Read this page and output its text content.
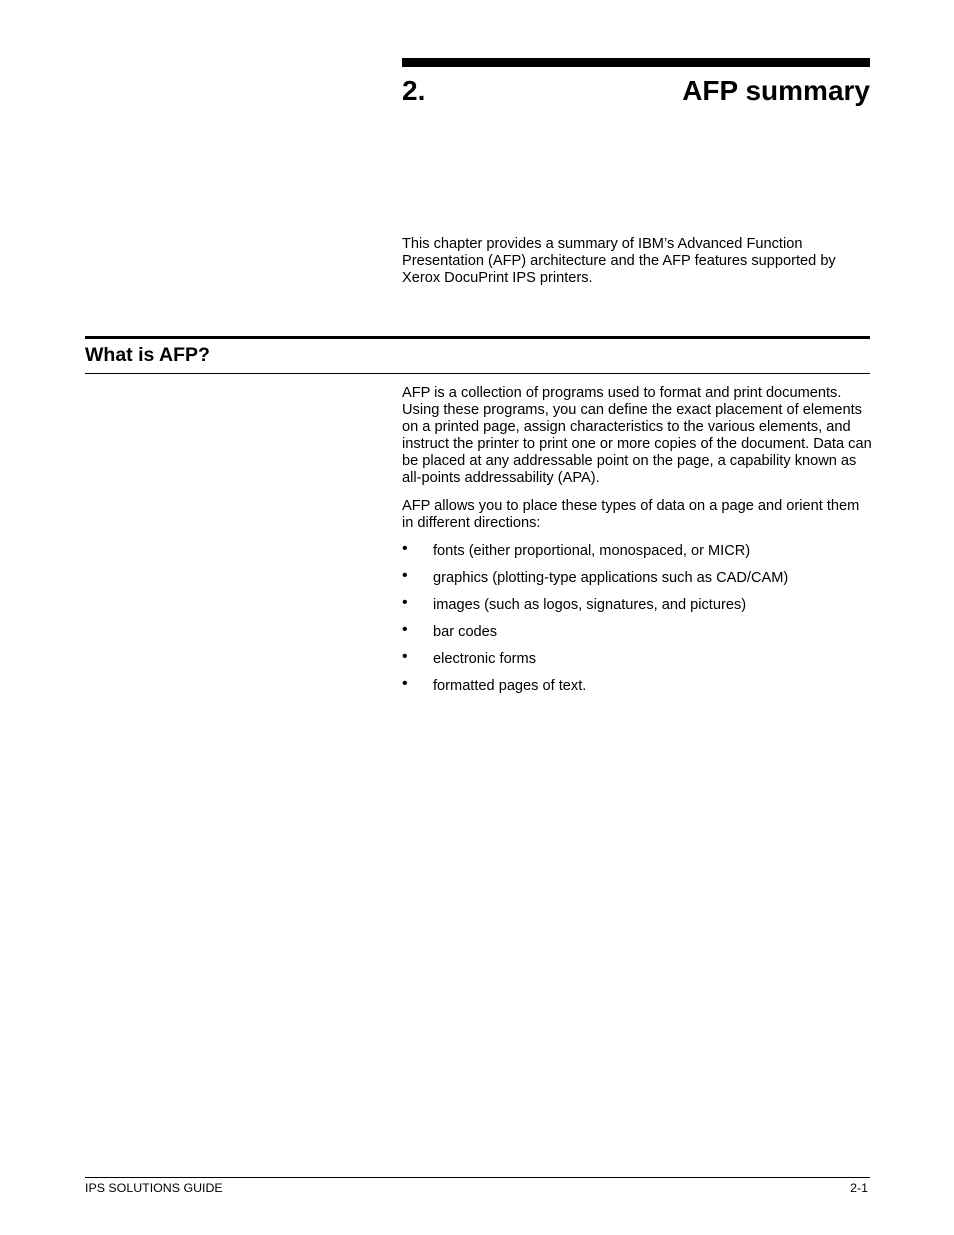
2.	AFP summary
This chapter provides a summary of IBM’s Advanced Function Presentation (AFP) architecture and the AFP features supported by Xerox DocuPrint IPS printers.
What is AFP?

AFP is a collection of programs used to format and print documents. Using these programs, you can define the exact placement of elements on a printed page, assign characteristics to the various elements, and instruct the printer to print one or more copies of the document. Data can be placed at any addressable point on the page, a capability known as all-points addressability (APA).

AFP allows you to place these types of data on a page and orient them in different directions:

• fonts (either proportional, monospaced, or MICR)
• graphics (plotting-type applications such as CAD/CAM)
• images (such as logos, signatures, and pictures)
• bar codes
• electronic forms
• formatted pages of text.
IPS SOLUTIONS GUIDE	2-1
